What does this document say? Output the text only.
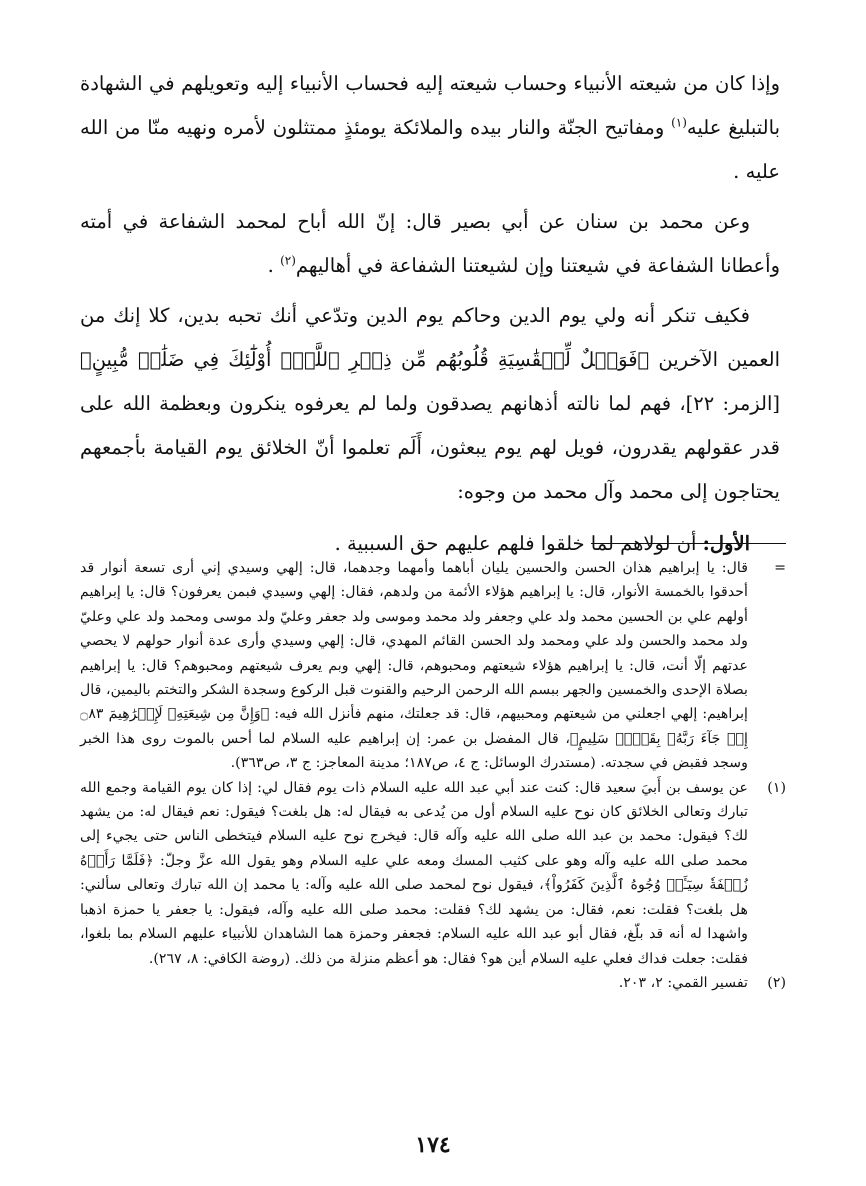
وإذا كان من شيعته الأنبياء وحساب شيعته إليه فحساب الأنبياء إليه وتعويلهم في الشهادة بالتبليغ عليه$^{(١)}$ ومفاتيح الجنّة والنار بيده والملائكة يومئذٍ ممتثلون لأمره ونهيه منّا من الله عليه .

وعن محمد بن سنان عن أبي بصير قال: إنّ الله أباح لمحمد الشفاعة في أمته وأعطانا الشفاعة في شيعتنا وإن لشيعتنا الشفاعة في أهاليهم$^{(٢)}$ .

فكيف تنكر أنه ولي يوم الدين وحاكم يوم الدين وتدّعي أنك تحبه بدين، كلا إنك من العمين الآخرين ﴿فَوَيۡلٌ لِّلۡقَٰسِيَةِ قُلُوبُهُم مِّن ذِكۡرِ ٱللَّهِۚ أُوْلَٰٓئِكَ فِي ضَلَٰلٖ مُّبِينٍ﴾ [الزمر: ٢٢]، فهم لما نالته أذهانهم يصدقون ولما لم يعرفوه ينكرون وبعظمة الله على قدر عقولهم يقدرون، فويل لهم يوم يبعثون، أَلَم تعلموا أنّ الخلائق يوم القيامة بأجمعهم يحتاجون إلى محمد وآل محمد من وجوه:

الأول: أن لولاهم لما خلقوا فلهم عليهم حق السببية .

=
قال: يا إبراهيم هذان الحسن والحسين يليان أباهما وأمهما وجدهما، قال: إلهي وسيدي إني أرى تسعة أنوار قد أحدقوا بالخمسة الأنوار، قال: يا إبراهيم هؤلاء الأئمة من ولدهم، فقال: إلهي وسيدي فبمن يعرفون؟ قال: يا إبراهيم أولهم علي بن الحسين محمد ولد علي وجعفر ولد محمد وموسى ولد جعفر وعليّ ولد موسى ومحمد ولد علي وعليّ ولد محمد والحسن ولد علي ومحمد ولد الحسن القائم المهدي، قال: إلهي وسيدي وأرى عدة أنوار حولهم لا يحصي عدتهم إلّا أنت، قال: يا إبراهيم هؤلاء شيعتهم ومحبوهم، قال: إلهي وبم يعرف شيعتهم ومحبوهم؟ قال: يا إبراهيم بصلاة الإحدى والخمسين والجهر ببسم الله الرحمن الرحيم والقنوت قبل الركوع وسجدة الشكر والتختم باليمين، قال إبراهيم: إلهي اجعلني من شيعتهم ومحبيهم، قال: قد جعلتك، منهم فأنزل الله فيه: ﴿وَإِنَّ مِن شِيعَتِهِۦ لَإِبۡرَٰهِيمَ ۝٨٣ إِذۡ جَآءَ رَبَّهُۥ بِقَلۡبٖ سَلِيمٍ﴾، قال المفضل بن عمر: إن إبراهيم عليه السلام لما أحس بالموت روى هذا الخبر وسجد فقبض في سجدته. (مستدرك الوسائل: ج ٤، ص١٨٧؛ مدينة المعاجز: ج ٣، ص٣٦٣).
(١)
عن يوسف بن أَبيَ سعيد قال: كنت عند أبي عبد الله عليه السلام ذات يوم فقال لي: إذا كان يوم القيامة وجمع الله تبارك وتعالى الخلائق كان نوح عليه السلام أول من يُدعى به فيقال له: هل بلغت؟ فيقول: نعم فيقال له: من يشهد لك؟ فيقول: محمد بن عبد الله صلى الله عليه وآله قال: فيخرج نوح عليه السلام فيتخطى الناس حتى يجيء إلى محمد صلى الله عليه وآله وهو على كثيب المسك ومعه علي عليه السلام وهو يقول الله عزَّ وجلّ: ﴿فَلَمَّا رَأَوۡهُ زُلۡفَةٗ سِيٓـَٔتۡ وُجُوهُ ٱلَّذِينَ كَفَرُواْ﴾، فيقول نوح لمحمد صلى الله عليه وآله: يا محمد إن الله تبارك وتعالى سألني: هل بلغت؟ فقلت: نعم، فقال: من يشهد لك؟ فقلت: محمد صلى الله عليه وآله، فيقول: يا جعفر يا حمزة اذهبا واشهدا له أنه قد بلّغ، فقال أبو عبد الله عليه السلام: فجعفر وحمزة هما الشاهدان للأنبياء عليهم السلام بما بلغوا، فقلت: جعلت فداك فعلي عليه السلام أين هو؟ فقال: هو أعظم منزلة من ذلك. (روضة الكافي: ٨، ٢٦٧).
(٢)
تفسير القمي: ٢، ٢٠٣.
١٧٤
